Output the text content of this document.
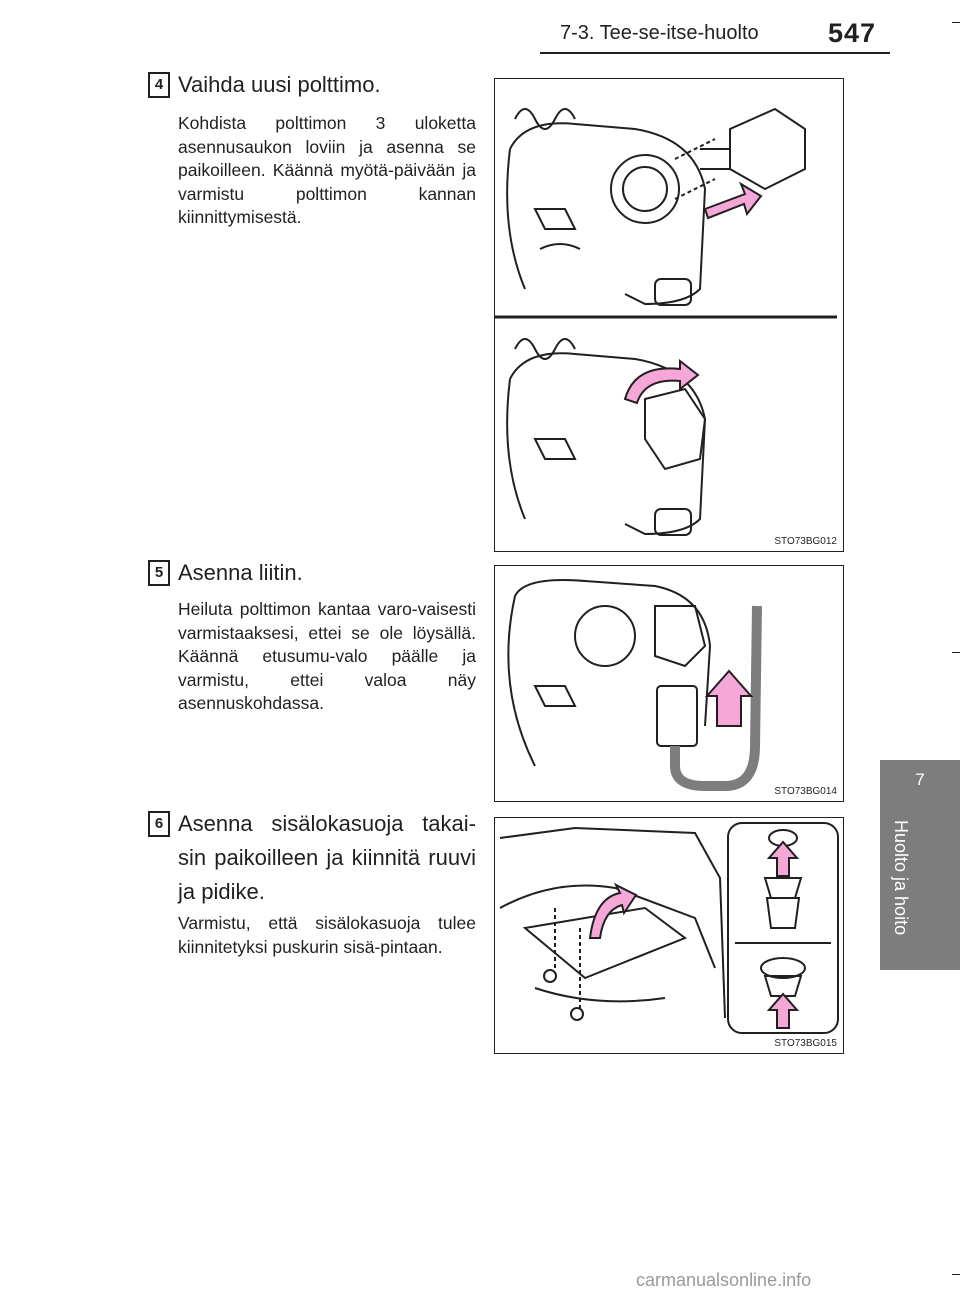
7-3. Tee-se-itse-huolto	547
7
Huolto ja hoito
4 Vaihda uusi polttimo.
Kohdista polttimon 3 uloketta asennusaukon loviin ja asenna se paikoilleen. Käännä myötä-päivään ja varmistu polttimon kannan kiinnittymisestä.
STO73BG012
5 Asenna liitin.
Heiluta polttimon kantaa varo-vaisesti varmistaaksesi, ettei se ole löysällä. Käännä etusumu-valo päälle ja varmistu, ettei valoa näy asennuskohdassa.
STO73BG014
6 Asenna sisälokasuoja takai-sin paikoilleen ja kiinnitä ruuvi ja pidike.
Varmistu, että sisälokasuoja tulee kiinnitetyksi puskurin sisä-pintaan.
STO73BG015
carmanualsonline.info
